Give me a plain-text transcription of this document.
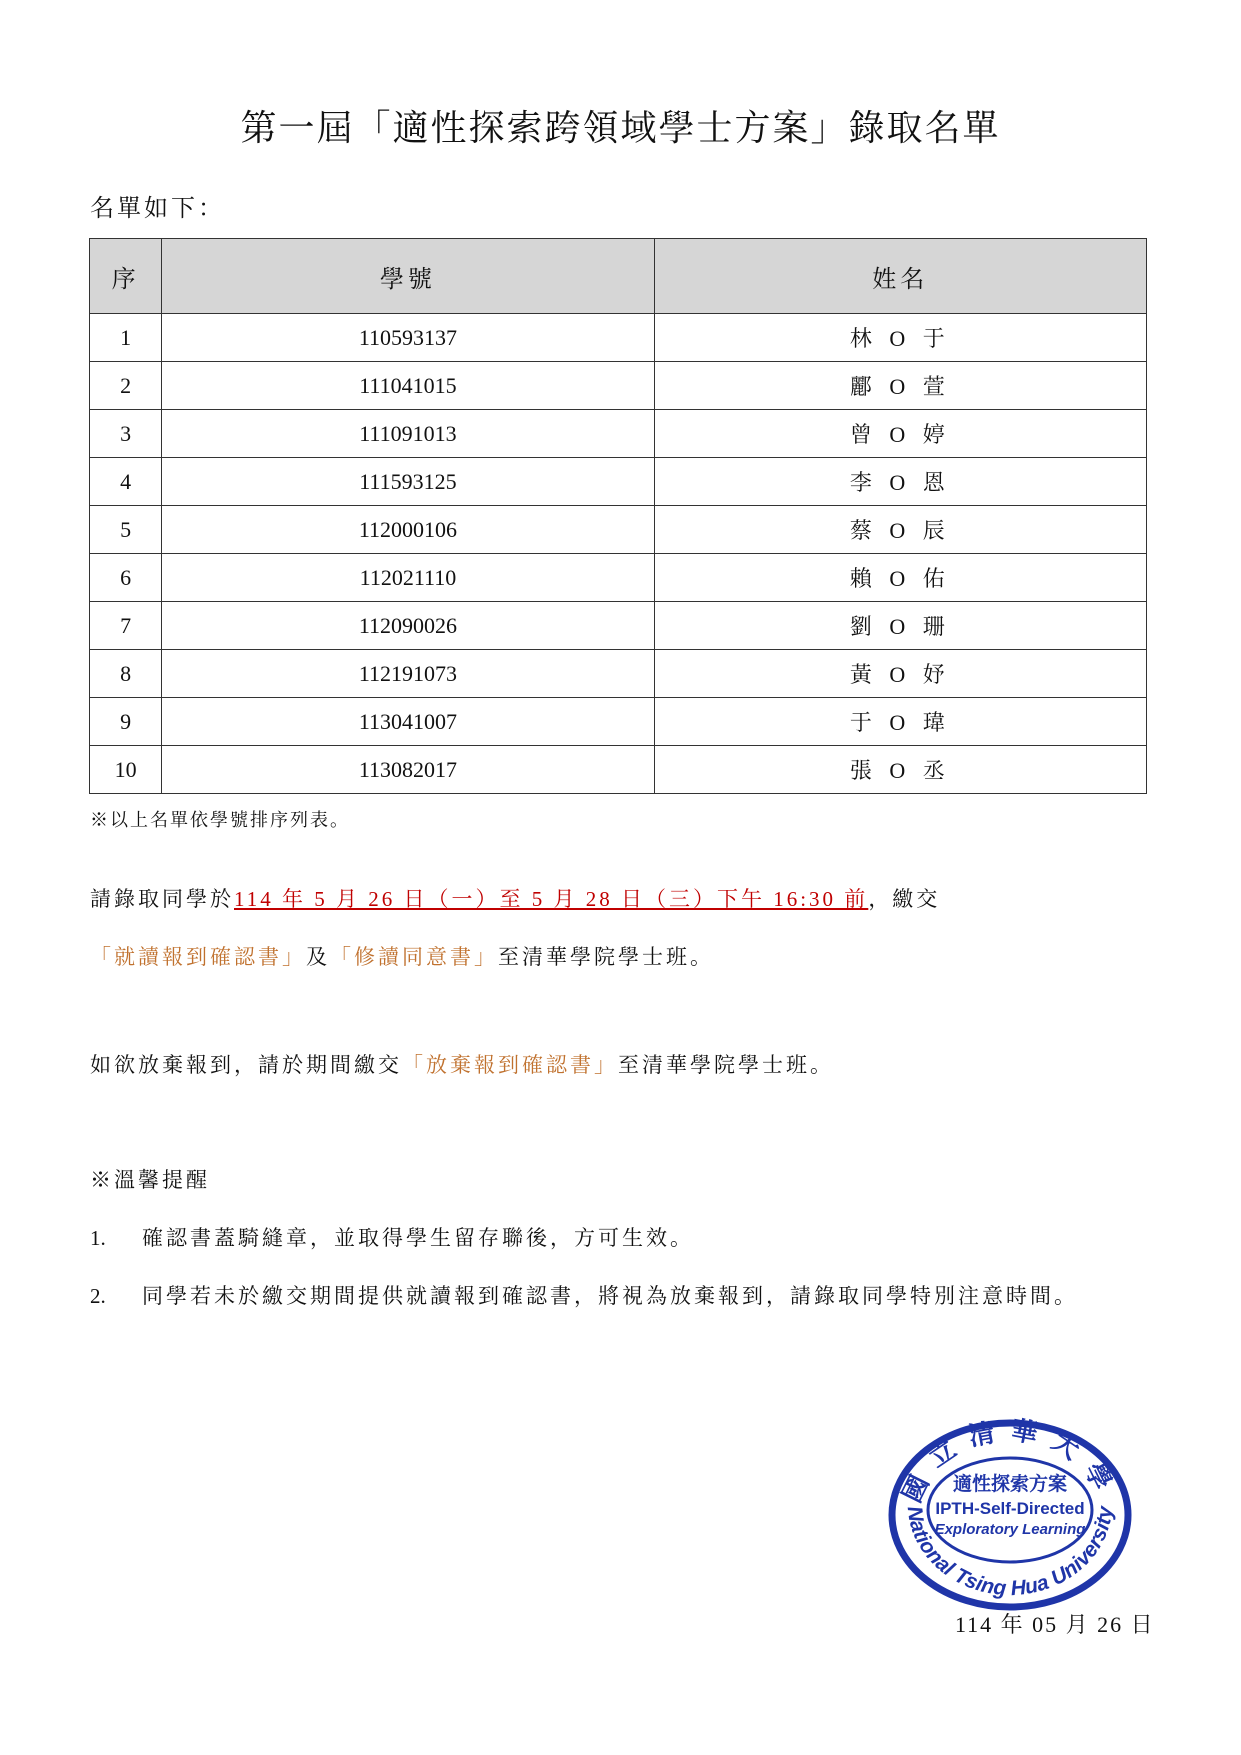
第一屆「適性探索跨領域學士方案」錄取名單
名單如下：
序	學號	姓名
1	110593137	林 O 于
2	111041015	酈 O 萱
3	111091013	曾 O 婷
4	111593125	李 O 恩
5	112000106	蔡 O 辰
6	112021110	賴 O 佑
7	112090026	劉 O 珊
8	112191073	黃 O 妤
9	113041007	于 O 瑋
10	113082017	張 O 丞
※以上名單依學號排序列表。
請錄取同學於114 年 5 月 26 日（一）至 5 月 28 日（三）下午 16:30 前，繳交「就讀報到確認書」及「修讀同意書」至清華學院學士班。
如欲放棄報到，請於期間繳交「放棄報到確認書」至清華學院學士班。
※溫馨提醒
1. 確認書蓋騎縫章，並取得學生留存聯後，方可生效。
2. 同學若未於繳交期間提供就讀報到確認書，將視為放棄報到，請錄取同學特別注意時間。
國立清華大學
適性探索方案
IPTH-Self-Directed
Exploratory Learning
National Tsing Hua University
114 年 05 月 26 日
